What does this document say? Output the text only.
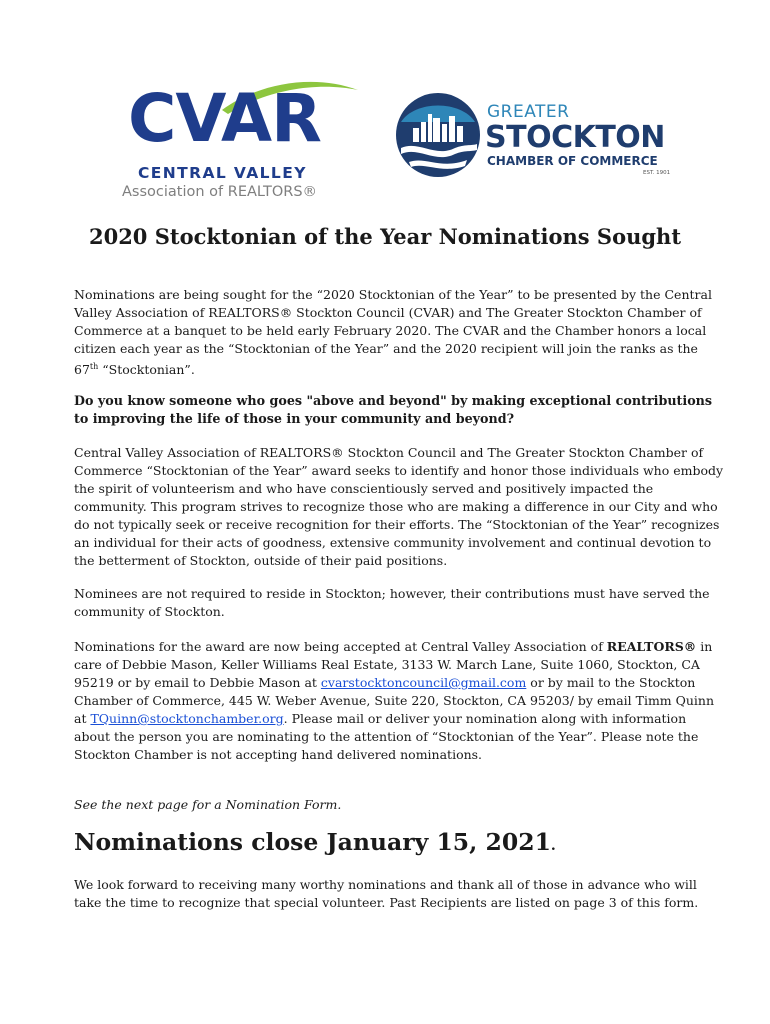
CVAR
CENTRAL VALLEY
Association of REALTORS®
GREATER
STOCKTON
CHAMBER OF COMMERCE
EST. 1901
2020 Stocktonian of the Year Nominations Sought

Nominations are being sought for the “2020 Stocktonian of the Year” to be presented by the Central Valley Association of REALTORS® Stockton Council (CVAR) and The Greater Stockton Chamber of Commerce at a banquet to be held early February 2020. The CVAR and the Chamber honors a local citizen each year as the “Stocktonian of the Year” and the 2020 recipient will join the ranks as the 67th “Stocktonian”.

Do you know someone who goes "above and beyond" by making exceptional contributions to improving the life of those in your community and beyond?

Central Valley Association of REALTORS® Stockton Council and The Greater Stockton Chamber of Commerce “Stocktonian of the Year” award seeks to identify and honor those individuals who embody the spirit of volunteerism and who have conscientiously served and positively impacted the community. This program strives to recognize those who are making a difference in our City and who do not typically seek or receive recognition for their efforts. The “Stocktonian of the Year” recognizes an individual for their acts of goodness, extensive community involvement and continual devotion to the betterment of Stockton, outside of their paid positions.

Nominees are not required to reside in Stockton; however, their contributions must have served the community of Stockton.

Nominations for the award are now being accepted at Central Valley Association of REALTORS® in care of Debbie Mason, Keller Williams Real Estate, 3133 W. March Lane, Suite 1060, Stockton, CA 95219 or by email to Debbie Mason at cvarstocktoncouncil@gmail.com or by mail to the Stockton Chamber of Commerce, 445 W. Weber Avenue, Suite 220, Stockton, CA 95203/ by email Timm Quinn at TQuinn@stocktonchamber.org. Please mail or deliver your nomination along with information about the person you are nominating to the attention of “Stocktonian of the Year”. Please note the Stockton Chamber is not accepting hand delivered nominations.

See the next page for a Nomination Form.

Nominations close January 15, 2021.

We look forward to receiving many worthy nominations and thank all of those in advance who will take the time to recognize that special volunteer. Past Recipients are listed on page 3 of this form.
